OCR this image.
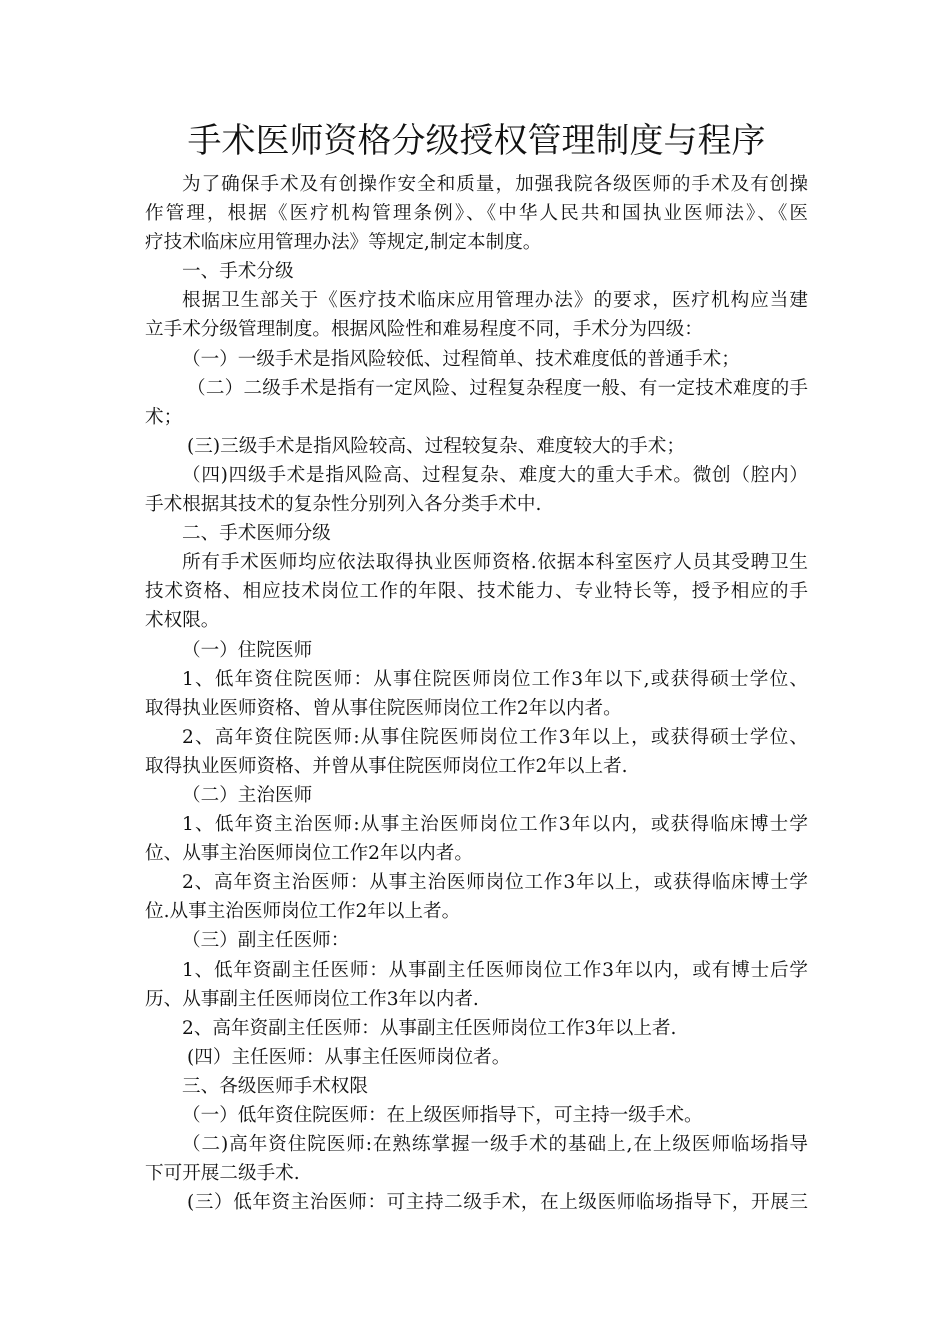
手术医师资格分级授权管理制度与程序
为了确保手术及有创操作安全和质量，加强我院各级医师的手术及有创操
作管理，根据《医疗机构管理条例》、《中华人民共和国执业医师法》、《医
疗技术临床应用管理办法》等规定,制定本制度。
一、手术分级
根据卫生部关于《医疗技术临床应用管理办法》的要求，医疗机构应当建
立手术分级管理制度。根据风险性和难易程度不同，手术分为四级：
（一）一级手术是指风险较低、过程简单、技术难度低的普通手术；
（二）二级手术是指有一定风险、过程复杂程度一般、有一定技术难度的手
术；
(三)三级手术是指风险较高、过程较复杂、难度较大的手术；
（四)四级手术是指风险高、过程复杂、难度大的重大手术。微创（腔内）
手术根据其技术的复杂性分别列入各分类手术中.
二、手术医师分级
所有手术医师均应依法取得执业医师资格.依据本科室医疗人员其受聘卫生
技术资格、相应技术岗位工作的年限、技术能力、专业特长等，授予相应的手
术权限。
（一）住院医师
1、低年资住院医师：从事住院医师岗位工作3年以下,或获得硕士学位、
取得执业医师资格、曾从事住院医师岗位工作2年以内者。
2、高年资住院医师:从事住院医师岗位工作3年以上，或获得硕士学位、
取得执业医师资格、并曾从事住院医师岗位工作2年以上者.
（二）主治医师
1、低年资主治医师:从事主治医师岗位工作3年以内，或获得临床博士学
位、从事主治医师岗位工作2年以内者。
2、高年资主治医师：从事主治医师岗位工作3年以上，或获得临床博士学
位.从事主治医师岗位工作2年以上者。
（三）副主任医师：
1、低年资副主任医师：从事副主任医师岗位工作3年以内，或有博士后学
历、从事副主任医师岗位工作3年以内者.
2、高年资副主任医师：从事副主任医师岗位工作3年以上者.
(四）主任医师：从事主任医师岗位者。
三、各级医师手术权限
（一）低年资住院医师：在上级医师指导下，可主持一级手术。
（二)高年资住院医师:在熟练掌握一级手术的基础上,在上级医师临场指导
下可开展二级手术.
(三）低年资主治医师：可主持二级手术，在上级医师临场指导下，开展三
